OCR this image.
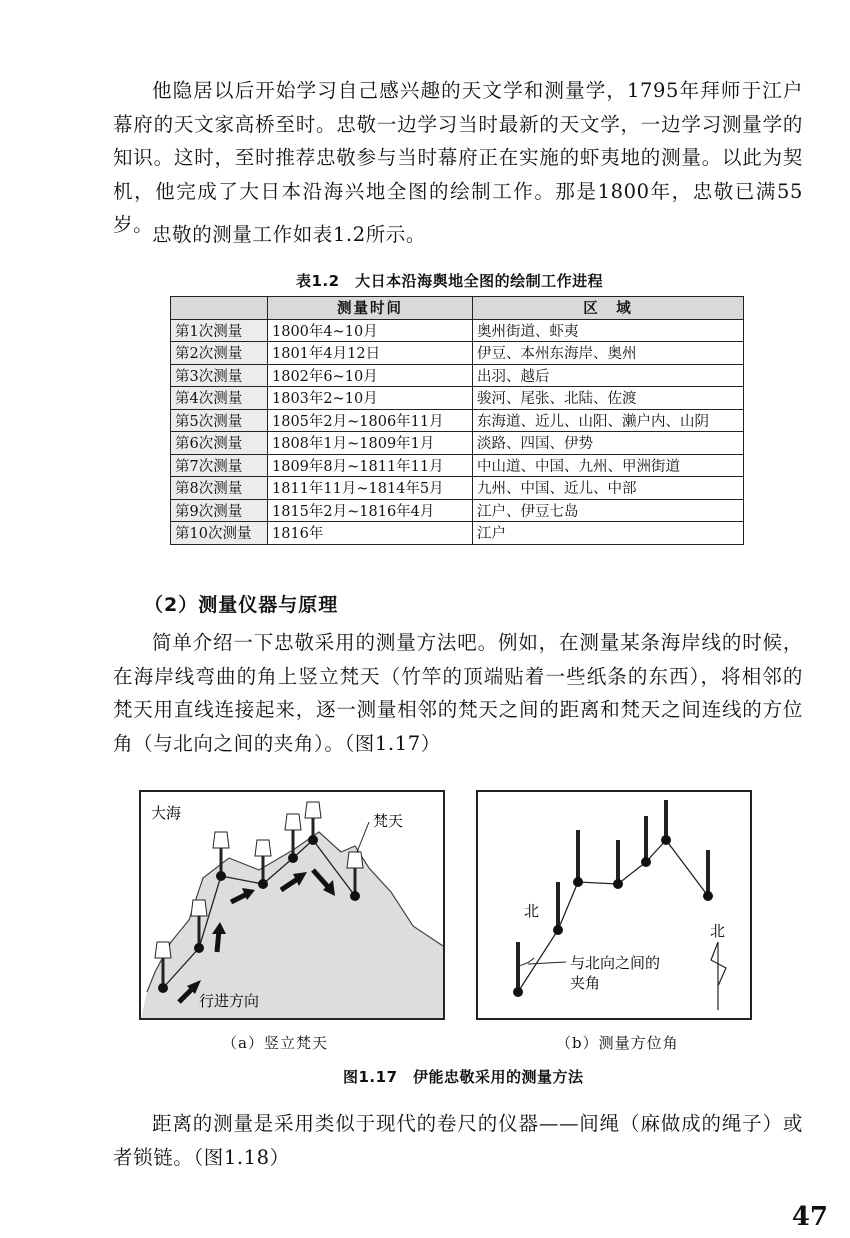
他隐居以后开始学习自己感兴趣的天文学和测量学，1795年拜师于江户幕府的天文家高桥至时。忠敬一边学习当时最新的天文学，一边学习测量学的知识。这时，至时推荐忠敬参与当时幕府正在实施的虾夷地的测量。以此为契机，他完成了大日本沿海兴地全图的绘制工作。那是1800年，忠敬已满55岁。

忠敬的测量工作如表1.2所示。

表1.2　大日本沿海舆地全图的绘制工作进程
	测量时间	区　域
第1次测量	1800年4~10月	奥州街道、虾夷
第2次测量	1801年4月12日	伊豆、本州东海岸、奥州
第3次测量	1802年6~10月	出羽、越后
第4次测量	1803年2~10月	骏河、尾张、北陆、佐渡
第5次测量	1805年2月~1806年11月	东海道、近儿、山阳、濑户内、山阴
第6次测量	1808年1月~1809年1月	淡路、四国、伊势
第7次测量	1809年8月~1811年11月	中山道、中国、九州、甲洲街道
第8次测量	1811年11月~1814年5月	九州、中国、近儿、中部
第9次测量	1815年2月~1816年4月	江户、伊豆七岛
第10次测量	1816年	江户
（2）测量仪器与原理

简单介绍一下忠敬采用的测量方法吧。例如，在测量某条海岸线的时候，在海岸线弯曲的角上竖立梵天（竹竿的顶端贴着一些纸条的东西），将相邻的梵天用直线连接起来，逐一测量相邻的梵天之间的距离和梵天之间连线的方位角（与北向之间的夹角）。（图1.17）

大海	梵天
行进方向
北
北
与北向之间的
夹角
（a）竖立梵天	（b）测量方位角
图1.17　伊能忠敬采用的测量方法

距离的测量是采用类似于现代的卷尺的仪器——间绳（麻做成的绳子）或者锁链。（图1.18）

47
